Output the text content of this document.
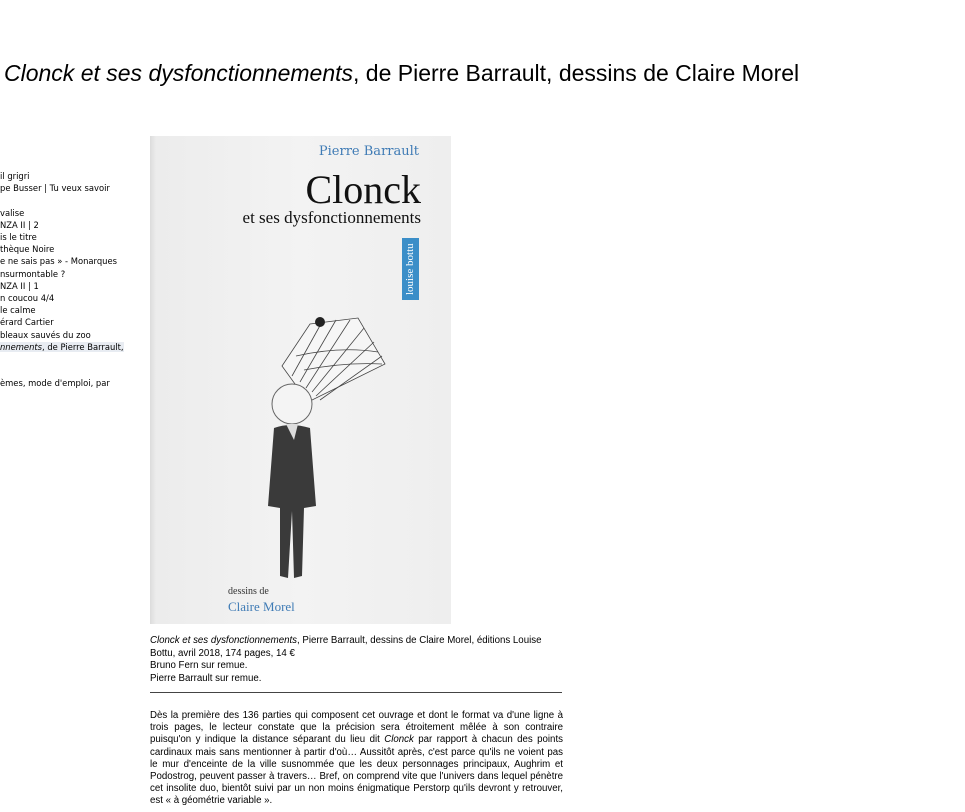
Clonck et ses dysfonctionnements, de Pierre Barrault, dessins de Claire Morel
il grigri
pe Busser | Tu veux savoir

valise
NZA II | 2
is le titre
thèque Noire
e ne sais pas » - Monarques
nsurmontable ?
NZA II | 1
n coucou 4/4
le calme
érard Cartier
bleaux sauvés du zoo
nnements, de Pierre Barrault,

èmes, mode d'emploi, par
Pierre Barrault
Clonck
et ses dysfonctionnements
louise bottu
dessins de
Claire Morel
Clonck et ses dysfonctionnements, Pierre Barrault, dessins de Claire Morel, éditions Louise Bottu, avril 2018, 174 pages, 14 €
Bruno Fern sur remue.
Pierre Barrault sur remue.

Dès la première des 136 parties qui composent cet ouvrage et dont le format va d'une ligne à trois pages, le lecteur constate que la précision sera étroitement mêlée à son contraire puisqu'on y indique la distance séparant du lieu dit Clonck par rapport à chacun des points cardinaux mais sans mentionner à partir d'où… Aussitôt après, c'est parce qu'ils ne voient pas le mur d'enceinte de la ville susnommée que les deux personnages principaux, Aughrim et Podostrog, peuvent passer à travers… Bref, on comprend vite que l'univers dans lequel pénètre cet insolite duo, bientôt suivi par un non moins énigmatique Perstorp qu'ils devront y retrouver, est « à géométrie variable ».
